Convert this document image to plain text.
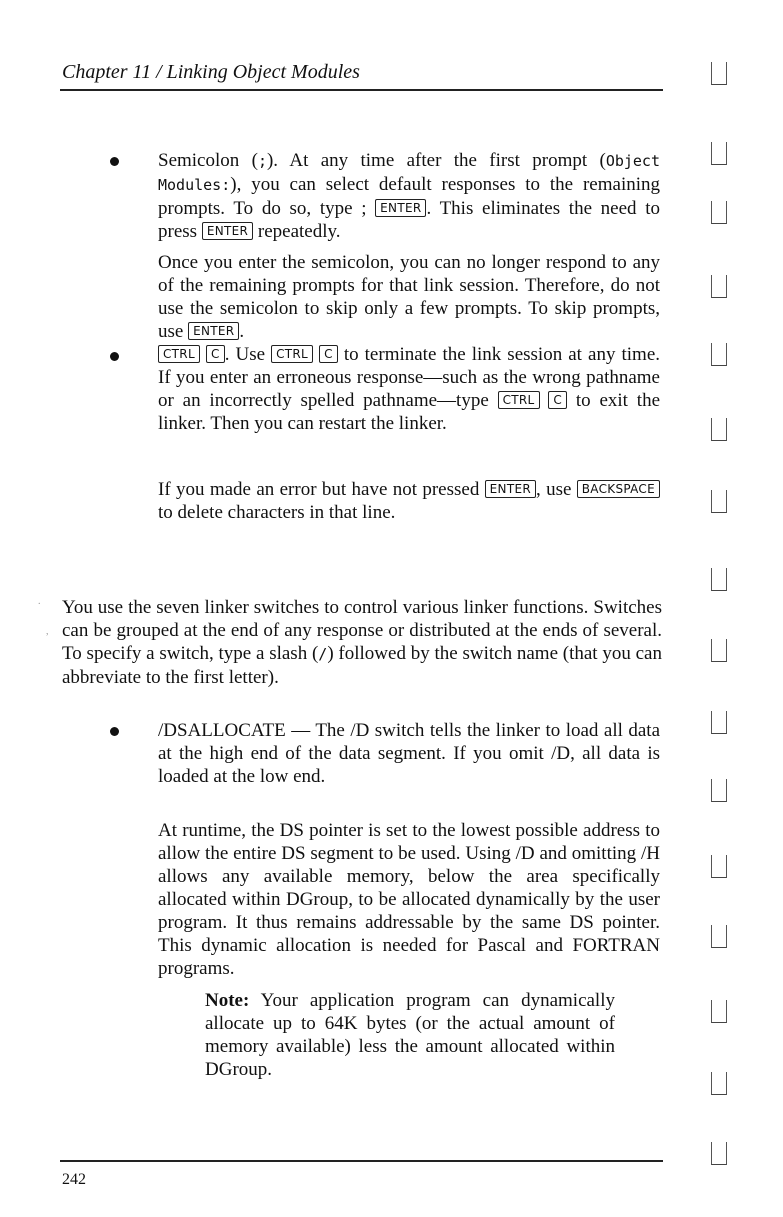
Chapter 11 / Linking Object Modules

Semicolon (;). At any time after the first prompt (Object Modules:), you can select default responses to the remaining prompts. To do so, type ; ENTER . This eliminates the need to press ENTER repeatedly.

Once you enter the semicolon, you can no longer respond to any of the remaining prompts for that link session. Therefore, do not use the semicolon to skip only a few prompts. To skip prompts, use ENTER .

CTRL C . Use CTRL C to terminate the link session at any time. If you enter an erroneous response—such as the wrong pathname or an incorrectly spelled pathname—type CTRL C to exit the linker. Then you can restart the linker.

If you made an error but have not pressed ENTER , use BACKSPACE to delete characters in that line.

You use the seven linker switches to control various linker functions. Switches can be grouped at the end of any response or distributed at the ends of several. To specify a switch, type a slash (/) followed by the switch name (that you can abbreviate to the first letter).

/DSALLOCATE — The /D switch tells the linker to load all data at the high end of the data segment. If you omit /D, all data is loaded at the low end.

At runtime, the DS pointer is set to the lowest possible address to allow the entire DS segment to be used. Using /D and omitting /H allows any available memory, below the area specifically allocated within DGroup, to be allocated dynamically by the user program. It thus remains addressable by the same DS pointer. This dynamic allocation is needed for Pascal and FORTRAN programs.

Note: Your application program can dynamically allocate up to 64K bytes (or the actual amount of memory available) less the amount allocated within DGroup.

242
.
,
